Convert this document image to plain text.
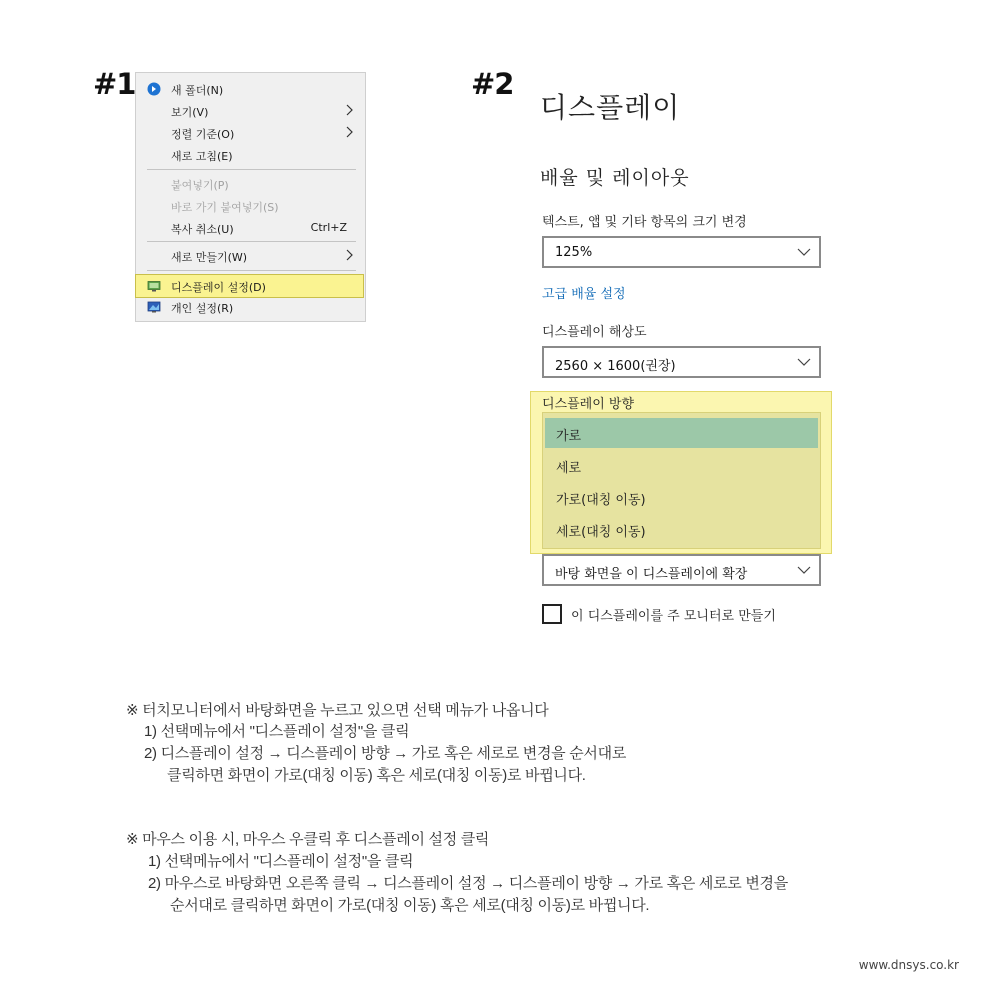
#1	#2
새 폴더(N)
보기(V)
정렬 기준(O)
새로 고침(E)
붙여넣기(P)
바로 가기 붙여넣기(S)
복사 취소(U)	Ctrl+Z
새로 만들기(W)
디스플레이 설정(D)
개인 설정(R)
디스플레이
배율 및 레이아웃
텍스트, 앱 및 기타 항목의 크기 변경
125%
고급 배율 설정
디스플레이 해상도
2560 × 1600(권장)
디스플레이 방향
가로
세로
가로(대칭 이동)
세로(대칭 이동)
바탕 화면을 이 디스플레이에 확장
이 디스플레이를 주 모니터로 만들기
※ 터치모니터에서 바탕화면을 누르고 있으면 선택 메뉴가 나옵니다
1) 선택메뉴에서 "디스플레이 설정"을 클릭
2) 디스플레이 설정 → 디스플레이 방향 → 가로 혹은 세로로 변경을 순서대로
클릭하면 화면이 가로(대칭 이동) 혹은 세로(대칭 이동)로 바뀝니다.
※ 마우스 이용 시, 마우스 우클릭 후 디스플레이 설정 클릭
1) 선택메뉴에서 "디스플레이 설정"을 클릭
2) 마우스로 바탕화면 오른쪽 클릭 → 디스플레이 설정 → 디스플레이 방향 → 가로 혹은 세로로 변경을
순서대로 클릭하면 화면이 가로(대칭 이동) 혹은 세로(대칭 이동)로 바뀝니다.
www.dnsys.co.kr
